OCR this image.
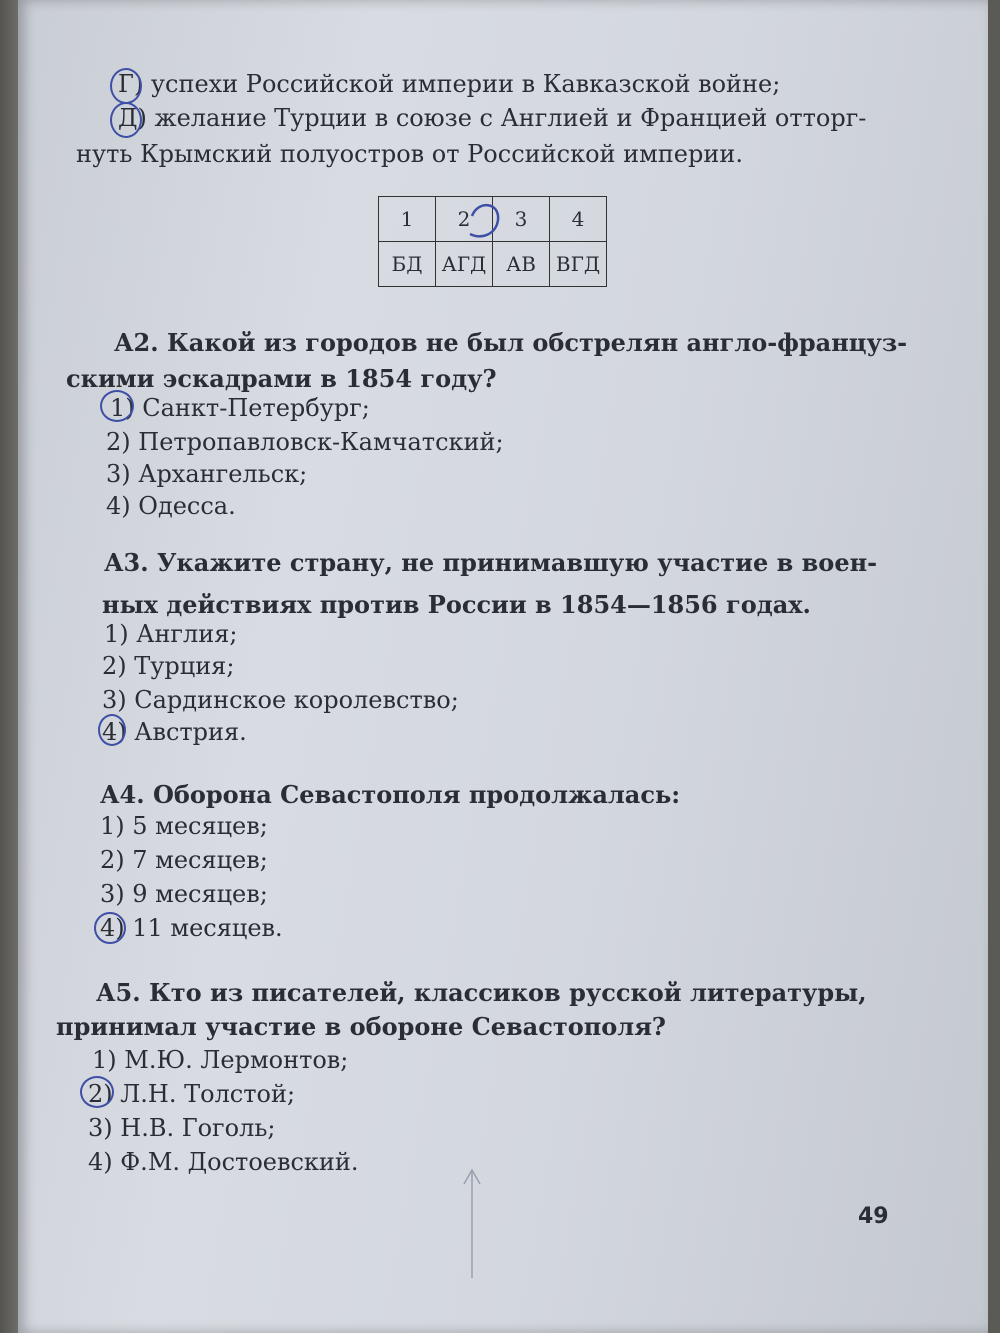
Г) успехи Российской империи в Кавказской войне;
Д) желание Турции в союзе с Англией и Францией отторг-
нуть Крымский полуостров от Российской империи.
1	2	3	4
БД	АГД	АВ	ВГД
А2. Какой из городов не был обстрелян англо-француз-
скими эскадрами в 1854 году?
1) Санкт-Петербург;
2) Петропавловск-Камчатский;
3) Архангельск;
4) Одесса.
А3. Укажите страну, не принимавшую участие в воен-
ных действиях против России в 1854—1856 годах.
1) Англия;
2) Турция;
3) Сардинское королевство;
4) Австрия.
А4. Оборона Севастополя продолжалась:
1) 5 месяцев;
2) 7 месяцев;
3) 9 месяцев;
4) 11 месяцев.
А5. Кто из писателей, классиков русской литературы,
принимал участие в обороне Севастополя?
1) М.Ю. Лермонтов;
2) Л.Н. Толстой;
3) Н.В. Гоголь;
4) Ф.М. Достоевский.
49
